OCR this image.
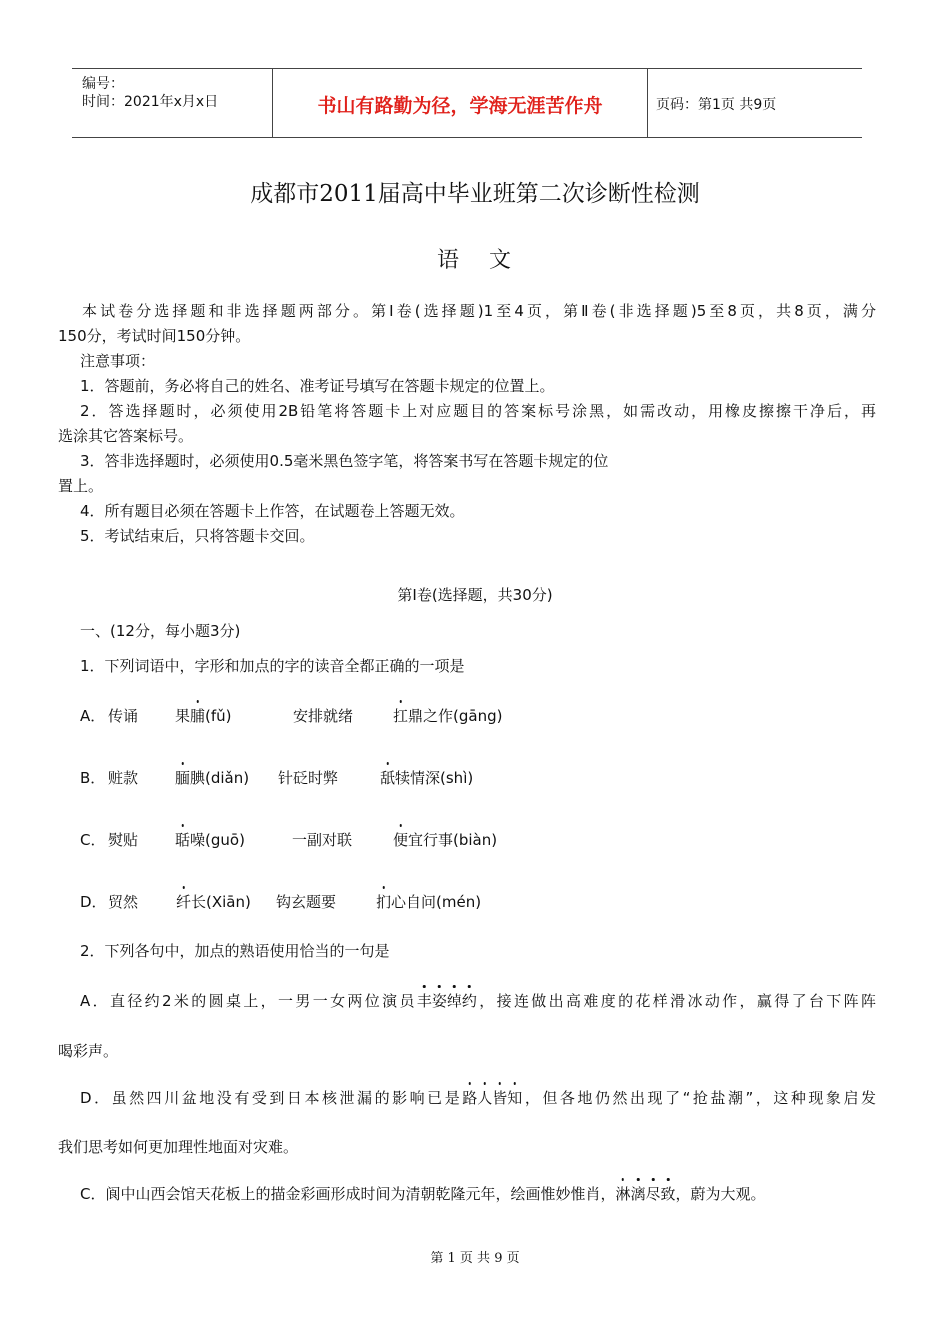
编号：
时间：2021年x月x日	书山有路勤为径，学海无涯苦作舟	页码：第1页 共9页
成都市2011届高中毕业班第二次诊断性检测
语 文
本试卷分选择题和非选择题两部分。第Ⅰ卷(选择题)1至4页，第Ⅱ卷(非选择题)5至8页，共8页，满分
150分，考试时间150分钟。
注意事项：
1．答题前，务必将自己的姓名、准考证号填写在答题卡规定的位置上。
2．答选择题时，必须使用2B铅笔将答题卡上对应题目的答案标号涂黑，如需改动，用橡皮擦擦干净后，再
选涂其它答案标号。
3．答非选择题时，必须使用0.5毫米黑色签字笔，将答案书写在答题卡规定的位
置上。
4．所有题目必须在答题卡上作答，在试题卷上答题无效。
5．考试结束后，只将答题卡交回。
第Ⅰ卷(选择题，共30分)
一、(12分，每小题3分)
1．下列词语中，字形和加点的字的读音全都正确的一项是
A． 传诵 果脯(fǔ)	安排就绪	扛鼎之作(gāng)
B． 赃款 腼腆(diǎn) 针砭时弊	舐犊情深(shì)
C． 熨贴 聒噪(guō)	一副对联	便宜行事(biàn)
D． 贸然	纤长(Xiān) 钩玄题要	扪心自问(mén)
2．下列各句中，加点的熟语使用恰当的一句是
A．直径约2米的圆桌上，一男一女两位演员丰姿绰约，接连做出高难度的花样滑冰动作，赢得了台下阵阵
喝彩声。
D．虽然四川盆地没有受到日本核泄漏的影响已是路人皆知，但各地仍然出现了“抢盐潮”，这种现象启发
我们思考如何更加理性地面对灾难。
C．阆中山西会馆天花板上的描金彩画形成时间为清朝乾隆元年，绘画惟妙惟肖，淋漓尽致，蔚为大观。
第 1 页 共 9 页
